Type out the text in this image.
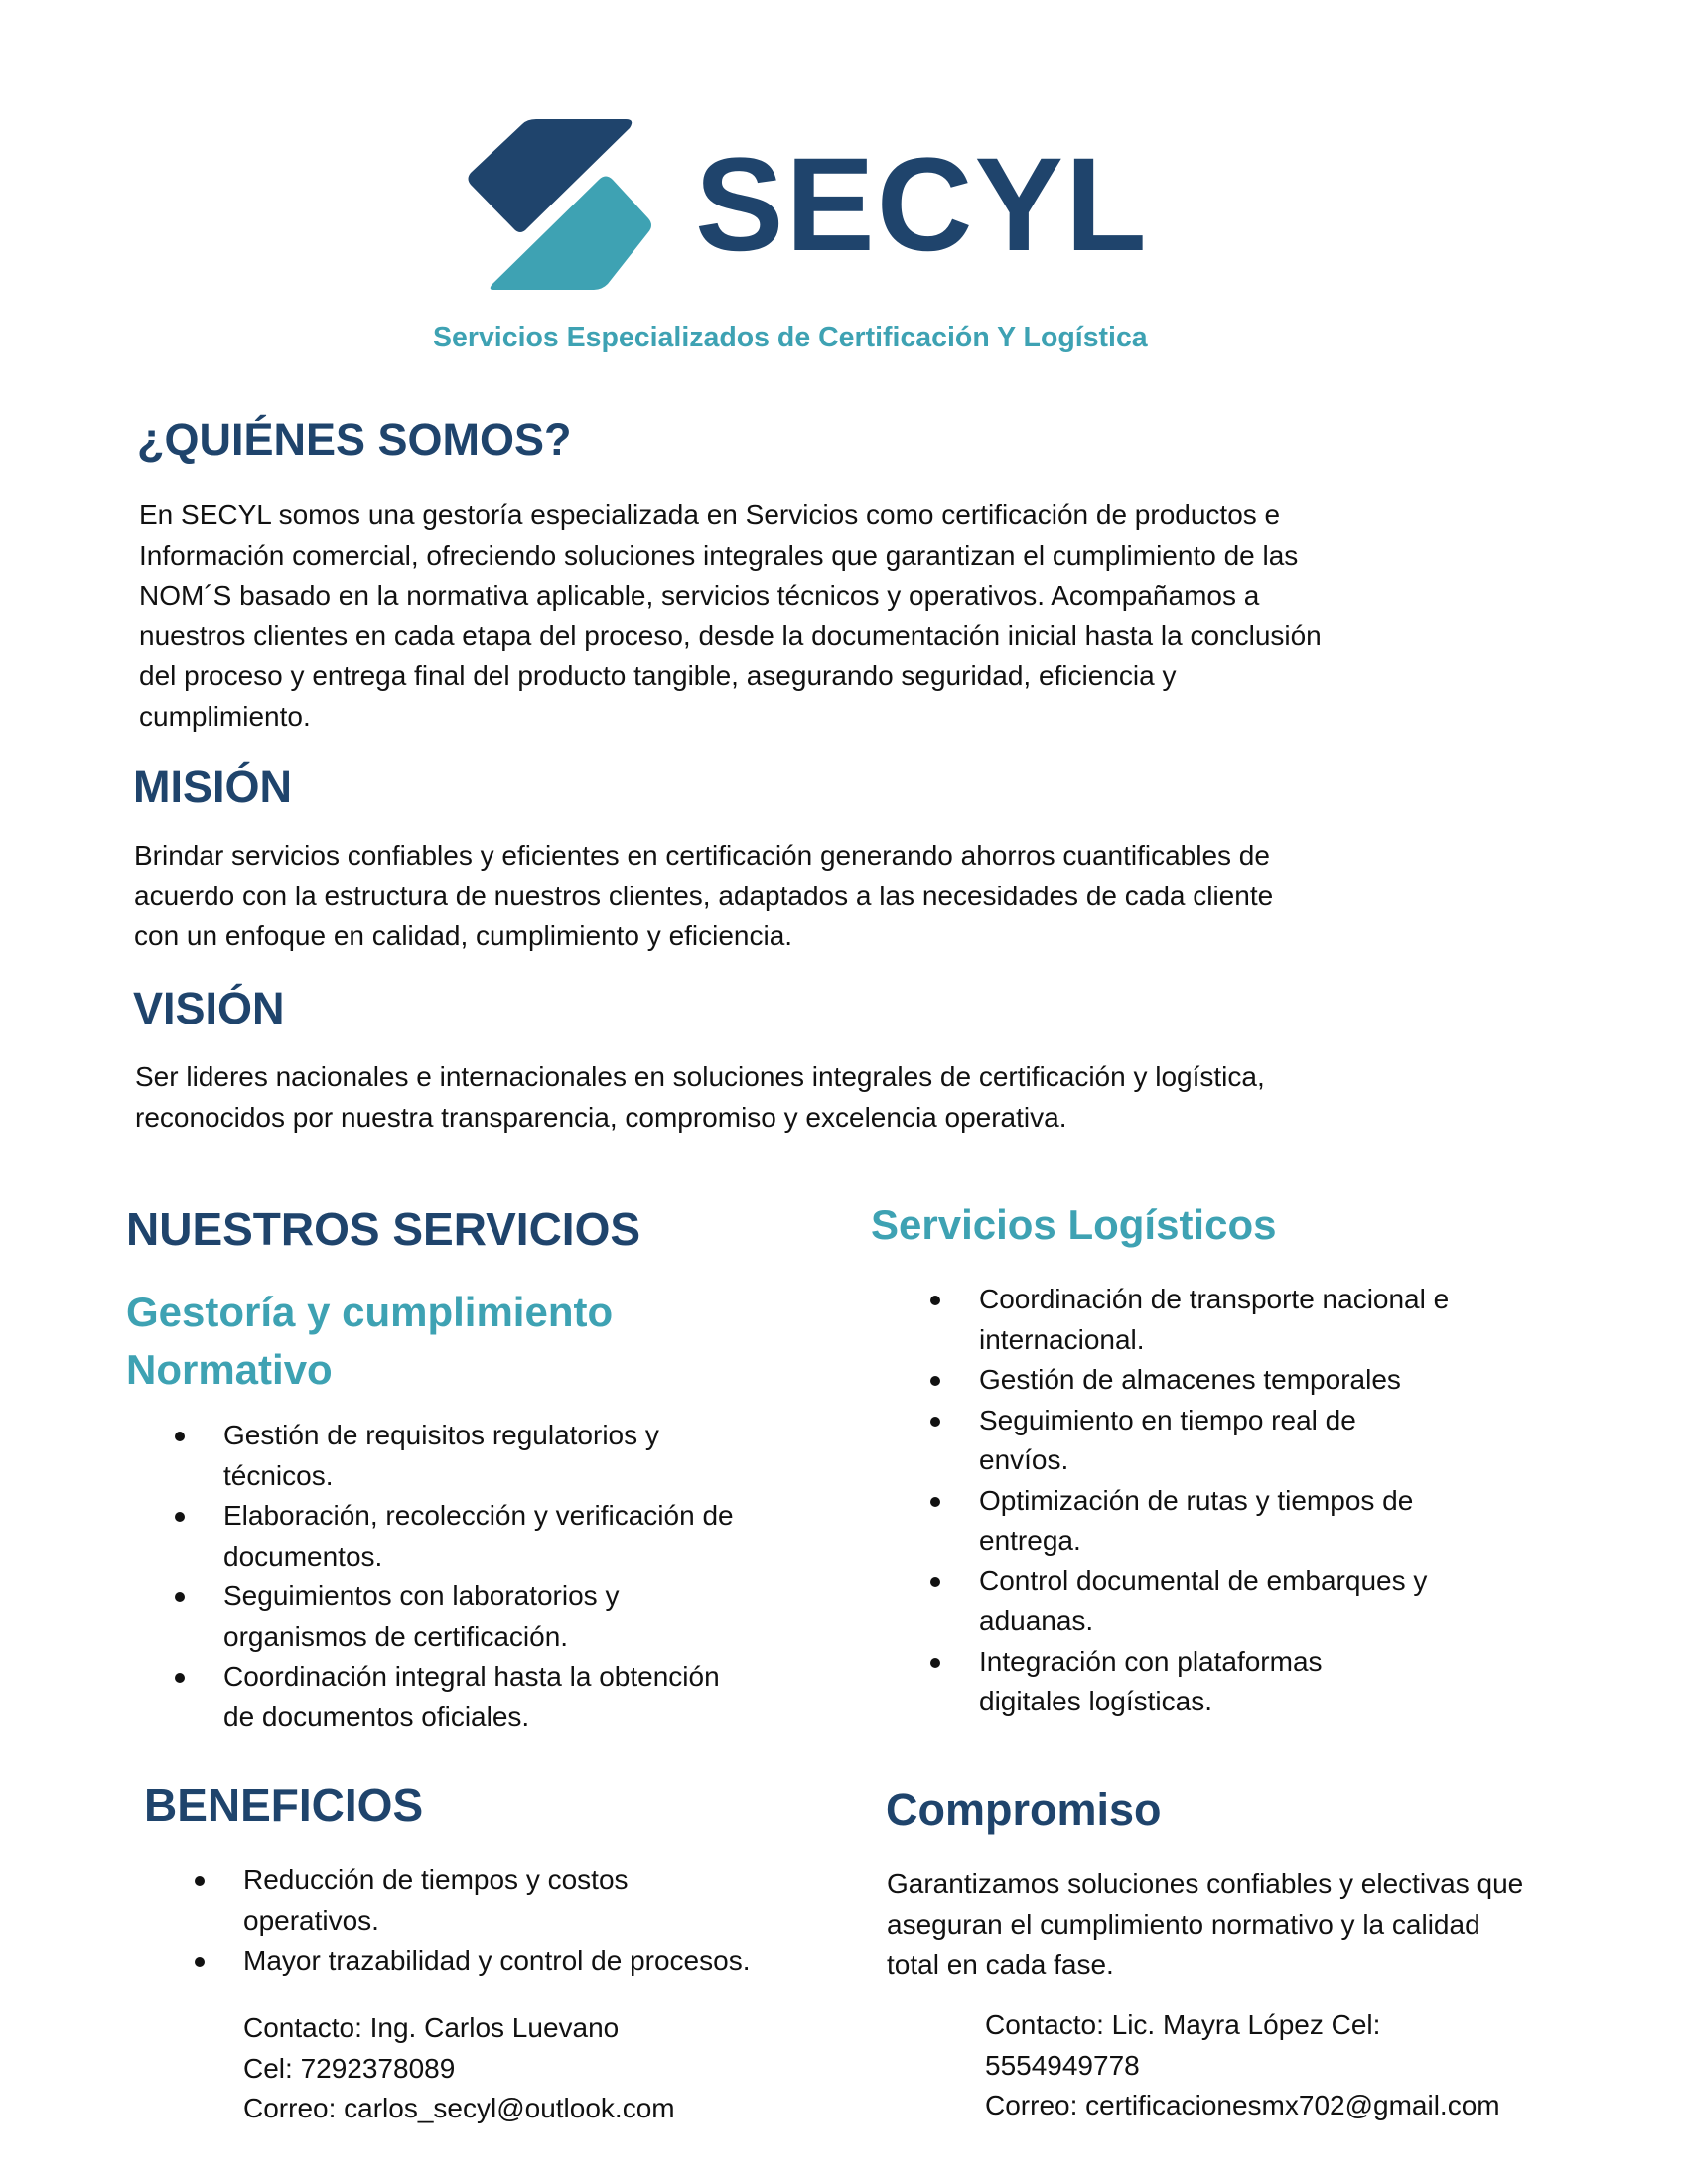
SECYL
Servicios Especializados de Certificación Y Logística
¿QUIÉNES SOMOS?
En SECYL somos una gestoría especializada en Servicios como certificación de productos e
Información comercial, ofreciendo soluciones integrales que garantizan el cumplimiento de las
NOM´S basado en la normativa aplicable, servicios técnicos y operativos. Acompañamos a
nuestros clientes en cada etapa del proceso, desde la documentación inicial hasta la conclusión
del proceso y entrega final del producto tangible, asegurando seguridad, eficiencia y
cumplimiento.
MISIÓN
Brindar servicios confiables y eficientes en certificación generando ahorros cuantificables de
acuerdo con la estructura de nuestros clientes, adaptados a las necesidades de cada cliente
con un enfoque en calidad, cumplimiento y eficiencia.
VISIÓN
Ser lideres nacionales e internacionales en soluciones integrales de certificación y logística,
reconocidos por nuestra transparencia, compromiso y excelencia operativa.
NUESTROS SERVICIOS
Gestoría y cumplimiento
Normativo
Gestión de requisitos regulatorios y
técnicos.
Elaboración, recolección y verificación de
documentos.
Seguimientos con laboratorios y
organismos de certificación.
Coordinación integral hasta la obtención
de documentos oficiales.
Servicios Logísticos
Coordinación de transporte nacional e
internacional.
Gestión de almacenes temporales
Seguimiento en tiempo real de
envíos.
Optimización de rutas y tiempos de
entrega.
Control documental de embarques y
aduanas.
Integración con plataformas
digitales logísticas.
BENEFICIOS
Reducción de tiempos y costos
operativos.
Mayor trazabilidad y control de procesos.
Contacto: Ing. Carlos Luevano
Cel: 7292378089
Correo: carlos_secyl@outlook.com
Compromiso
Garantizamos soluciones confiables y electivas que
aseguran el cumplimiento normativo y la calidad
total en cada fase.
Contacto: Lic. Mayra López Cel:
5554949778
Correo: certificacionesmx702@gmail.com
